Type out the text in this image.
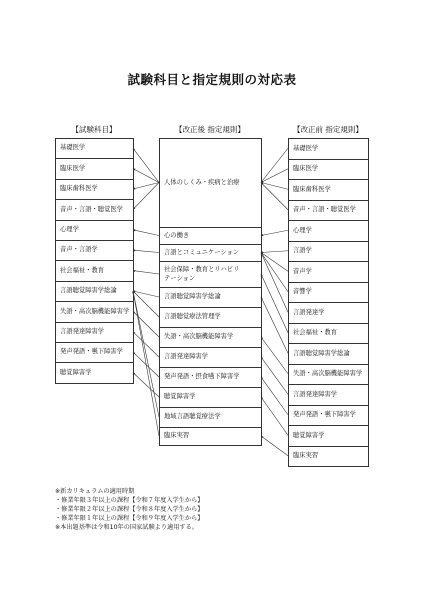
試験科目と指定規則の対応表
【試験科目】	【改正後 指定規則】	【改正前 指定規則】
基礎医学
臨床医学
臨床歯科医学
音声・言語・聴覚医学
心理学
音声・言語学
社会福祉・教育
言語聴覚障害学総論
失語・高次脳機能障害学
言語発達障害学
発声発語・嚥下障害学
聴覚障害学
人体のしくみ・疾病と治療
心の働き
言語とコミュニケーション
社会保障・教育とリハビリ
テーション
言語聴覚障害学総論
言語聴覚療法管理学
失語・高次脳機能障害学
言語発達障害学
発声発語・摂食嚥下障害学
聴覚障害学
地域言語聴覚療法学
臨床実習
基礎医学
臨床医学
臨床歯科医学
音声・言語・聴覚医学
心理学
言語学
音声学
音響学
言語発達学
社会福祉・教育
言語聴覚障害学総論
失語・高次脳機能障害学
言語発達障害学
発声発語・嚥下障害学
聴覚障害学
臨床実習
※新カリキュラムの適用時期
・修業年限３年以上の課程【令和７年度入学生から】
・修業年限２年以上の課程【令和８年度入学生から】
・修業年限１年以上の課程【令和９年度入学生から】
※本出題基準は令和10年の国家試験より適用する。
